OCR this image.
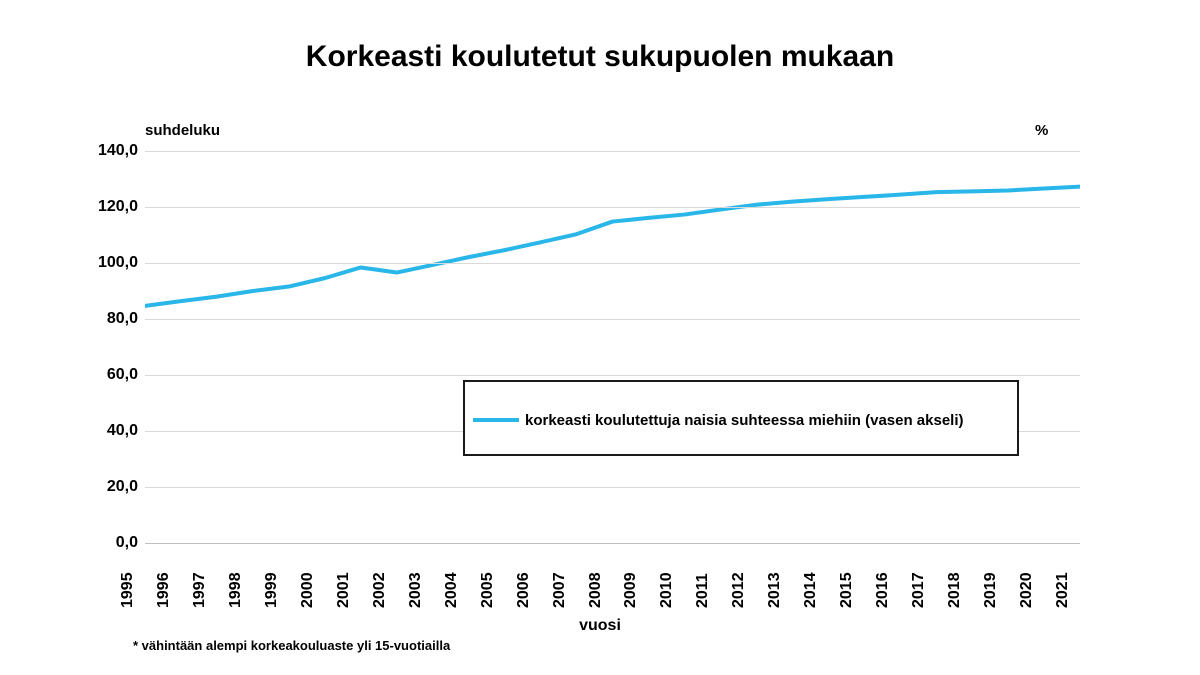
Korkeasti koulutetut sukupuolen mukaan
suhdeluku	%
0,0
20,0
40,0
60,0
80,0
100,0
120,0
140,0
1995 1996 1997 1998 1999 2000 2001 2002 2003 2004 2005 2006 2007 2008 2009 2010 2011 2012 2013 2014 2015 2016 2017 2018 2019 2020 2021
vuosi
* vähintään alempi korkeakouluaste yli 15-vuotiailla
korkeasti koulutettuja naisia suhteessa miehiin (vasen akseli)
